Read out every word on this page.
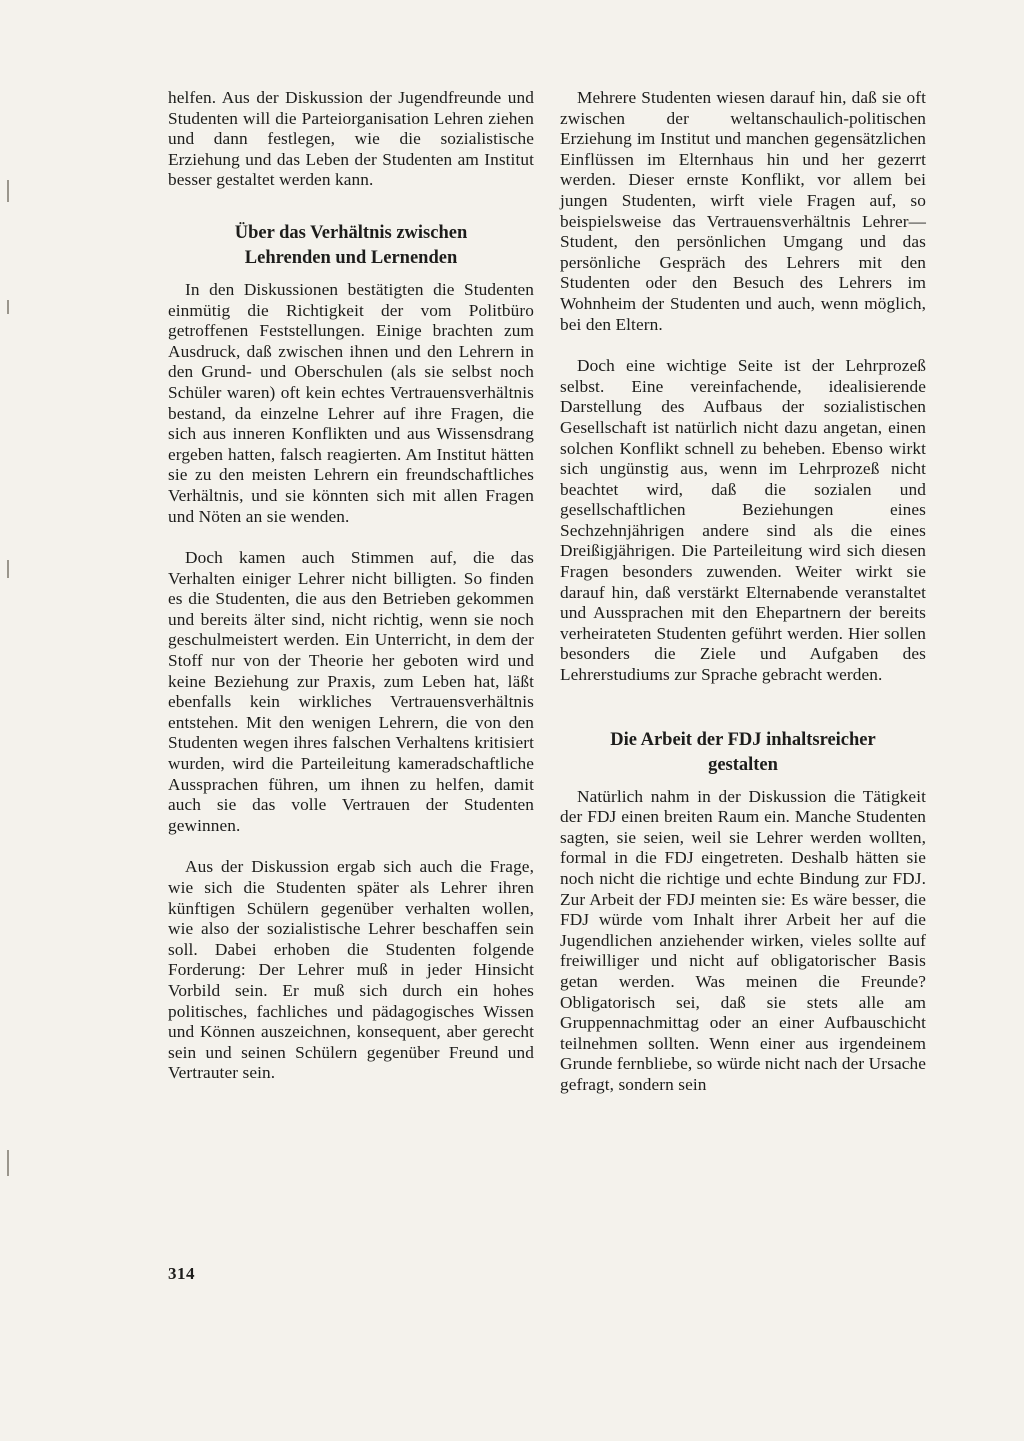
helfen. Aus der Diskussion der Jugendfreunde und Studenten will die Parteiorganisation Lehren ziehen und dann festlegen, wie die sozialistische Erziehung und das Leben der Studenten am Institut besser gestaltet werden kann.

Über das Verhältnis zwischen
Lehrenden und Lernenden

In den Diskussionen bestätigten die Studenten einmütig die Richtigkeit der vom Politbüro getroffenen Feststellungen. Einige brachten zum Ausdruck, daß zwischen ihnen und den Lehrern in den Grund- und Oberschulen (als sie selbst noch Schüler waren) oft kein echtes Vertrauensverhältnis bestand, da einzelne Lehrer auf ihre Fragen, die sich aus inneren Konflikten und aus Wissensdrang ergeben hatten, falsch reagierten. Am Institut hätten sie zu den meisten Lehrern ein freundschaftliches Verhältnis, und sie könnten sich mit allen Fragen und Nöten an sie wenden.

Doch kamen auch Stimmen auf, die das Verhalten einiger Lehrer nicht billigten. So finden es die Studenten, die aus den Betrieben gekommen und bereits älter sind, nicht richtig, wenn sie noch geschulmeistert werden. Ein Unterricht, in dem der Stoff nur von der Theorie her geboten wird und keine Beziehung zur Praxis, zum Leben hat, läßt ebenfalls kein wirkliches Vertrauensverhältnis entstehen. Mit den wenigen Lehrern, die von den Studenten wegen ihres falschen Verhaltens kritisiert wurden, wird die Parteileitung kameradschaftliche Aussprachen führen, um ihnen zu helfen, damit auch sie das volle Vertrauen der Studenten gewinnen.

Aus der Diskussion ergab sich auch die Frage, wie sich die Studenten später als Lehrer ihren künftigen Schülern gegenüber verhalten wollen, wie also der sozialistische Lehrer beschaffen sein soll. Dabei erhoben die Studenten folgende Forderung: Der Lehrer muß in jeder Hinsicht Vorbild sein. Er muß sich durch ein hohes politisches, fachliches und pädagogisches Wissen und Können auszeichnen, konsequent, aber gerecht sein und seinen Schülern gegenüber Freund und Vertrauter sein.

Mehrere Studenten wiesen darauf hin, daß sie oft zwischen der weltanschaulich-politischen Erziehung im Institut und manchen gegensätzlichen Einflüssen im Elternhaus hin und her gezerrt werden. Dieser ernste Konflikt, vor allem bei jungen Studenten, wirft viele Fragen auf, so beispielsweise das Vertrauensverhältnis Lehrer—Student, den persönlichen Umgang und das persönliche Gespräch des Lehrers mit den Studenten oder den Besuch des Lehrers im Wohnheim der Studenten und auch, wenn möglich, bei den Eltern.

Doch eine wichtige Seite ist der Lehrprozeß selbst. Eine vereinfachende, idealisierende Darstellung des Aufbaus der sozialistischen Gesellschaft ist natürlich nicht dazu angetan, einen solchen Konflikt schnell zu beheben. Ebenso wirkt sich ungünstig aus, wenn im Lehrprozeß nicht beachtet wird, daß die sozialen und gesellschaftlichen Beziehungen eines Sechzehnjährigen andere sind als die eines Dreißigjährigen. Die Parteileitung wird sich diesen Fragen besonders zuwenden. Weiter wirkt sie darauf hin, daß verstärkt Elternabende veranstaltet und Aussprachen mit den Ehepartnern der bereits verheirateten Studenten geführt werden. Hier sollen besonders die Ziele und Aufgaben des Lehrerstudiums zur Sprache gebracht werden.

Die Arbeit der FDJ inhaltsreicher
gestalten

Natürlich nahm in der Diskussion die Tätigkeit der FDJ einen breiten Raum ein. Manche Studenten sagten, sie seien, weil sie Lehrer werden wollten, formal in die FDJ eingetreten. Deshalb hätten sie noch nicht die richtige und echte Bindung zur FDJ. Zur Arbeit der FDJ meinten sie: Es wäre besser, die FDJ würde vom Inhalt ihrer Arbeit her auf die Jugendlichen anziehender wirken, vieles sollte auf freiwilliger und nicht auf obligatorischer Basis getan werden. Was meinen die Freunde? Obligatorisch sei, daß sie stets alle am Gruppennachmittag oder an einer Aufbauschicht teilnehmen sollten. Wenn einer aus irgendeinem Grunde fernbliebe, so würde nicht nach der Ursache gefragt, sondern sein

314
